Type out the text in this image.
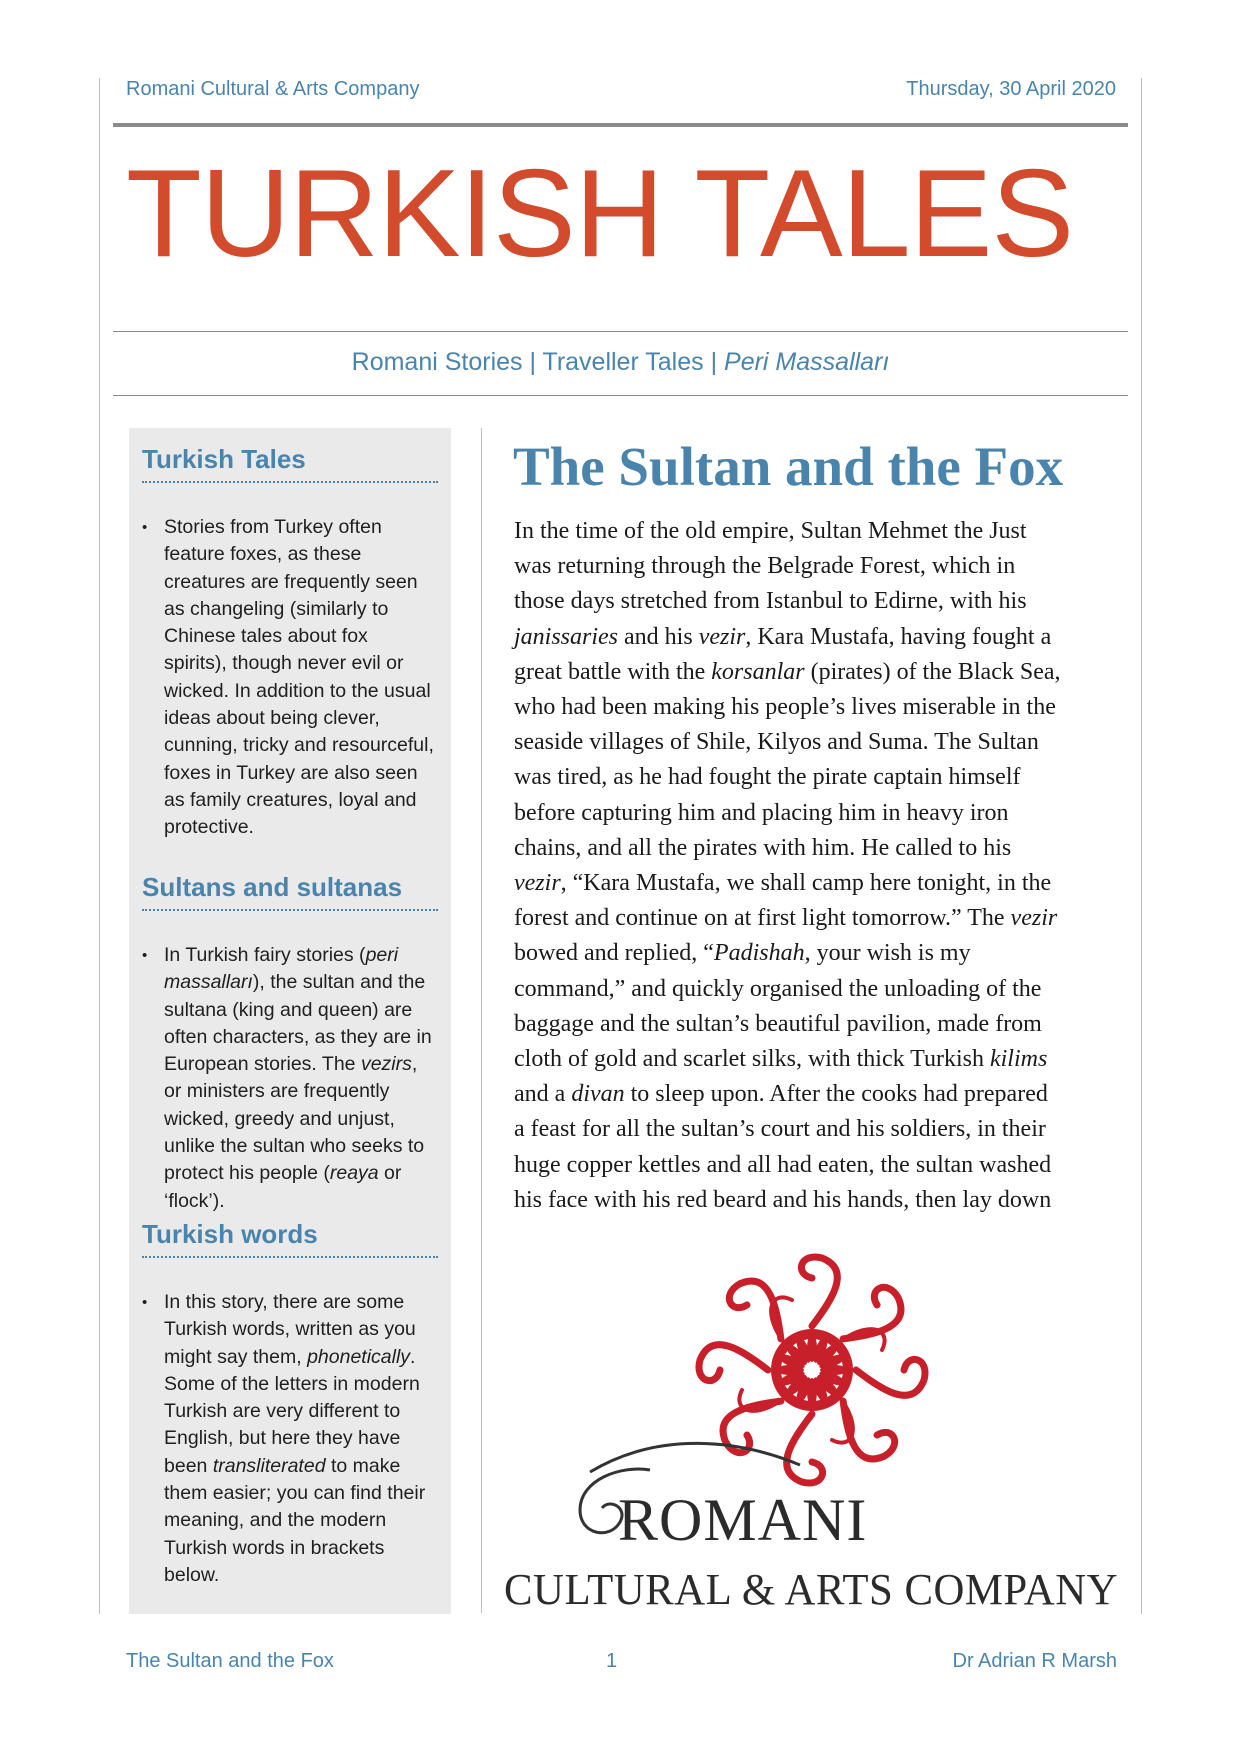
Romani Cultural & Arts Company	Thursday, 30 April 2020
TURKISH TALES
Romani Stories | Traveller Tales | Peri Massalları
Turkish Tales
• Stories from Turkey often feature foxes, as these creatures are frequently seen as changeling (similarly to Chinese tales about fox spirits), though never evil or wicked. In addition to the usual ideas about being clever, cunning, tricky and resourceful, foxes in Turkey are also seen as family creatures, loyal and protective.
Sultans and sultanas
• In Turkish fairy stories (peri massalları), the sultan and the sultana (king and queen) are often characters, as they are in European stories. The vezirs, or ministers are frequently wicked, greedy and unjust, unlike the sultan who seeks to protect his people (reaya or ‘flock’).
Turkish words
• In this story, there are some Turkish words, written as you might say them, phonetically. Some of the letters in modern Turkish are very different to English, but here they have been transliterated to make them easier; you can find their meaning, and the modern Turkish words in brackets below.
The Sultan and the Fox

In the time of the old empire, Sultan Mehmet the Just
was returning through the Belgrade Forest, which in
those days stretched from Istanbul to Edirne, with his
janissaries and his vezir, Kara Mustafa, having fought a
great battle with the korsanlar (pirates) of the Black Sea,
who had been making his people’s lives miserable in the
seaside villages of Shile, Kilyos and Suma. The Sultan
was tired, as he had fought the pirate captain himself
before capturing him and placing him in heavy iron
chains, and all the pirates with him. He called to his
vezir, “Kara Mustafa, we shall camp here tonight, in the
forest and continue on at first light tomorrow.” The vezir
bowed and replied, “Padishah, your wish is my
command,” and quickly organised the unloading of the
baggage and the sultan’s beautiful pavilion, made from
cloth of gold and scarlet silks, with thick Turkish kilims
and a divan to sleep upon. After the cooks had prepared
a feast for all the sultan’s court and his soldiers, in their
huge copper kettles and all had eaten, the sultan washed
his face with his red beard and his hands, then lay down

ROMANI
CULTURAL & ARTS COMPANY
The Sultan and the Fox	1	Dr Adrian R Marsh
